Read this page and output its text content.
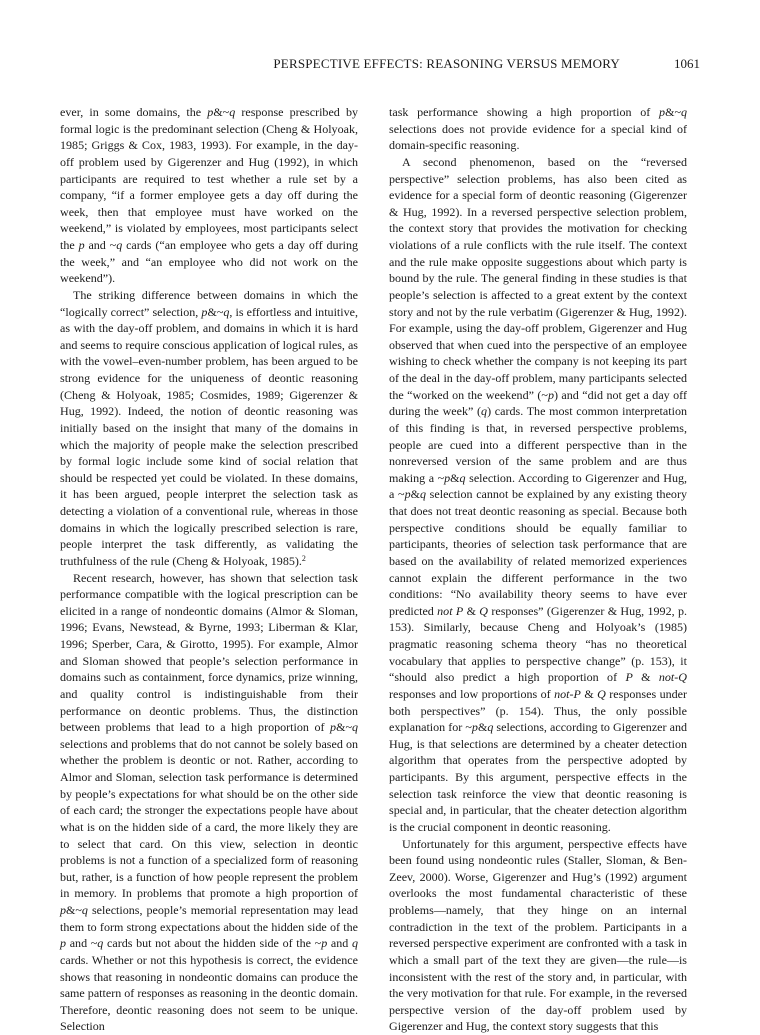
PERSPECTIVE EFFECTS: REASONING VERSUS MEMORY	1061

ever, in some domains, the p&~q response prescribed by formal logic is the predominant selection (Cheng & Holyoak, 1985; Griggs & Cox, 1983, 1993). For example, in the day-off problem used by Gigerenzer and Hug (1992), in which participants are required to test whether a rule set by a company, “if a former employee gets a day off during the week, then that employee must have worked on the weekend,” is violated by employees, most participants select the p and ~q cards (“an employee who gets a day off during the week,” and “an employee who did not work on the weekend”).

The striking difference between domains in which the “logically correct” selection, p&~q, is effortless and intuitive, as with the day-off problem, and domains in which it is hard and seems to require conscious application of logical rules, as with the vowel–even-number problem, has been argued to be strong evidence for the uniqueness of deontic reasoning (Cheng & Holyoak, 1985; Cosmides, 1989; Gigerenzer & Hug, 1992). Indeed, the notion of deontic reasoning was initially based on the insight that many of the domains in which the majority of people make the selection prescribed by formal logic include some kind of social relation that should be respected yet could be violated. In these domains, it has been argued, people interpret the selection task as detecting a violation of a conventional rule, whereas in those domains in which the logically prescribed selection is rare, people interpret the task differently, as validating the truthfulness of the rule (Cheng & Holyoak, 1985).$^2$

Recent research, however, has shown that selection task performance compatible with the logical prescription can be elicited in a range of nondeontic domains (Almor & Sloman, 1996; Evans, Newstead, & Byrne, 1993; Liberman & Klar, 1996; Sperber, Cara, & Girotto, 1995). For example, Almor and Sloman showed that people’s selection performance in domains such as containment, force dynamics, prize winning, and quality control is indistinguishable from their performance on deontic problems. Thus, the distinction between problems that lead to a high proportion of p&~q selections and problems that do not cannot be solely based on whether the problem is deontic or not. Rather, according to Almor and Sloman, selection task performance is determined by people’s expectations for what should be on the other side of each card; the stronger the expectations people have about what is on the hidden side of a card, the more likely they are to select that card. On this view, selection in deontic problems is not a function of a specialized form of reasoning but, rather, is a function of how people represent the problem in memory. In problems that promote a high proportion of p&~q selections, people’s memorial representation may lead them to form strong expectations about the hidden side of the p and ~q cards but not about the hidden side of the ~p and q cards. Whether or not this hypothesis is correct, the evidence shows that reasoning in nondeontic domains can produce the same pattern of responses as reasoning in the deontic domain. Therefore, deontic reasoning does not seem to be unique. Selection

task performance showing a high proportion of p&~q selections does not provide evidence for a special kind of domain-specific reasoning.

A second phenomenon, based on the “reversed perspective” selection problems, has also been cited as evidence for a special form of deontic reasoning (Gigerenzer & Hug, 1992). In a reversed perspective selection problem, the context story that provides the motivation for checking violations of a rule conflicts with the rule itself. The context and the rule make opposite suggestions about which party is bound by the rule. The general finding in these studies is that people’s selection is affected to a great extent by the context story and not by the rule verbatim (Gigerenzer & Hug, 1992). For example, using the day-off problem, Gigerenzer and Hug observed that when cued into the perspective of an employee wishing to check whether the company is not keeping its part of the deal in the day-off problem, many participants selected the “worked on the weekend” (~p) and “did not get a day off during the week” (q) cards. The most common interpretation of this finding is that, in reversed perspective problems, people are cued into a different perspective than in the nonreversed version of the same problem and are thus making a ~p&q selection. According to Gigerenzer and Hug, a ~p&q selection cannot be explained by any existing theory that does not treat deontic reasoning as special. Because both perspective conditions should be equally familiar to participants, theories of selection task performance that are based on the availability of related memorized experiences cannot explain the different performance in the two conditions: “No availability theory seems to have ever predicted not P & Q responses” (Gigerenzer & Hug, 1992, p. 153). Similarly, because Cheng and Holyoak’s (1985) pragmatic reasoning schema theory “has no theoretical vocabulary that applies to perspective change” (p. 153), it “should also predict a high proportion of P & not-Q responses and low proportions of not-P & Q responses under both perspectives” (p. 154). Thus, the only possible explanation for ~p&q selections, according to Gigerenzer and Hug, is that selections are determined by a cheater detection algorithm that operates from the perspective adopted by participants. By this argument, perspective effects in the selection task reinforce the view that deontic reasoning is special and, in particular, that the cheater detection algorithm is the crucial component in deontic reasoning.

Unfortunately for this argument, perspective effects have been found using nondeontic rules (Staller, Sloman, & Ben-Zeev, 2000). Worse, Gigerenzer and Hug’s (1992) argument overlooks the most fundamental characteristic of these problems—namely, that they hinge on an internal contradiction in the text of the problem. Participants in a reversed perspective experiment are confronted with a task in which a small part of the text they are given—the rule—is inconsistent with the rest of the story and, in particular, with the very motivation for that rule. For example, in the reversed perspective version of the day-off problem used by Gigerenzer and Hug, the context story suggests that this
